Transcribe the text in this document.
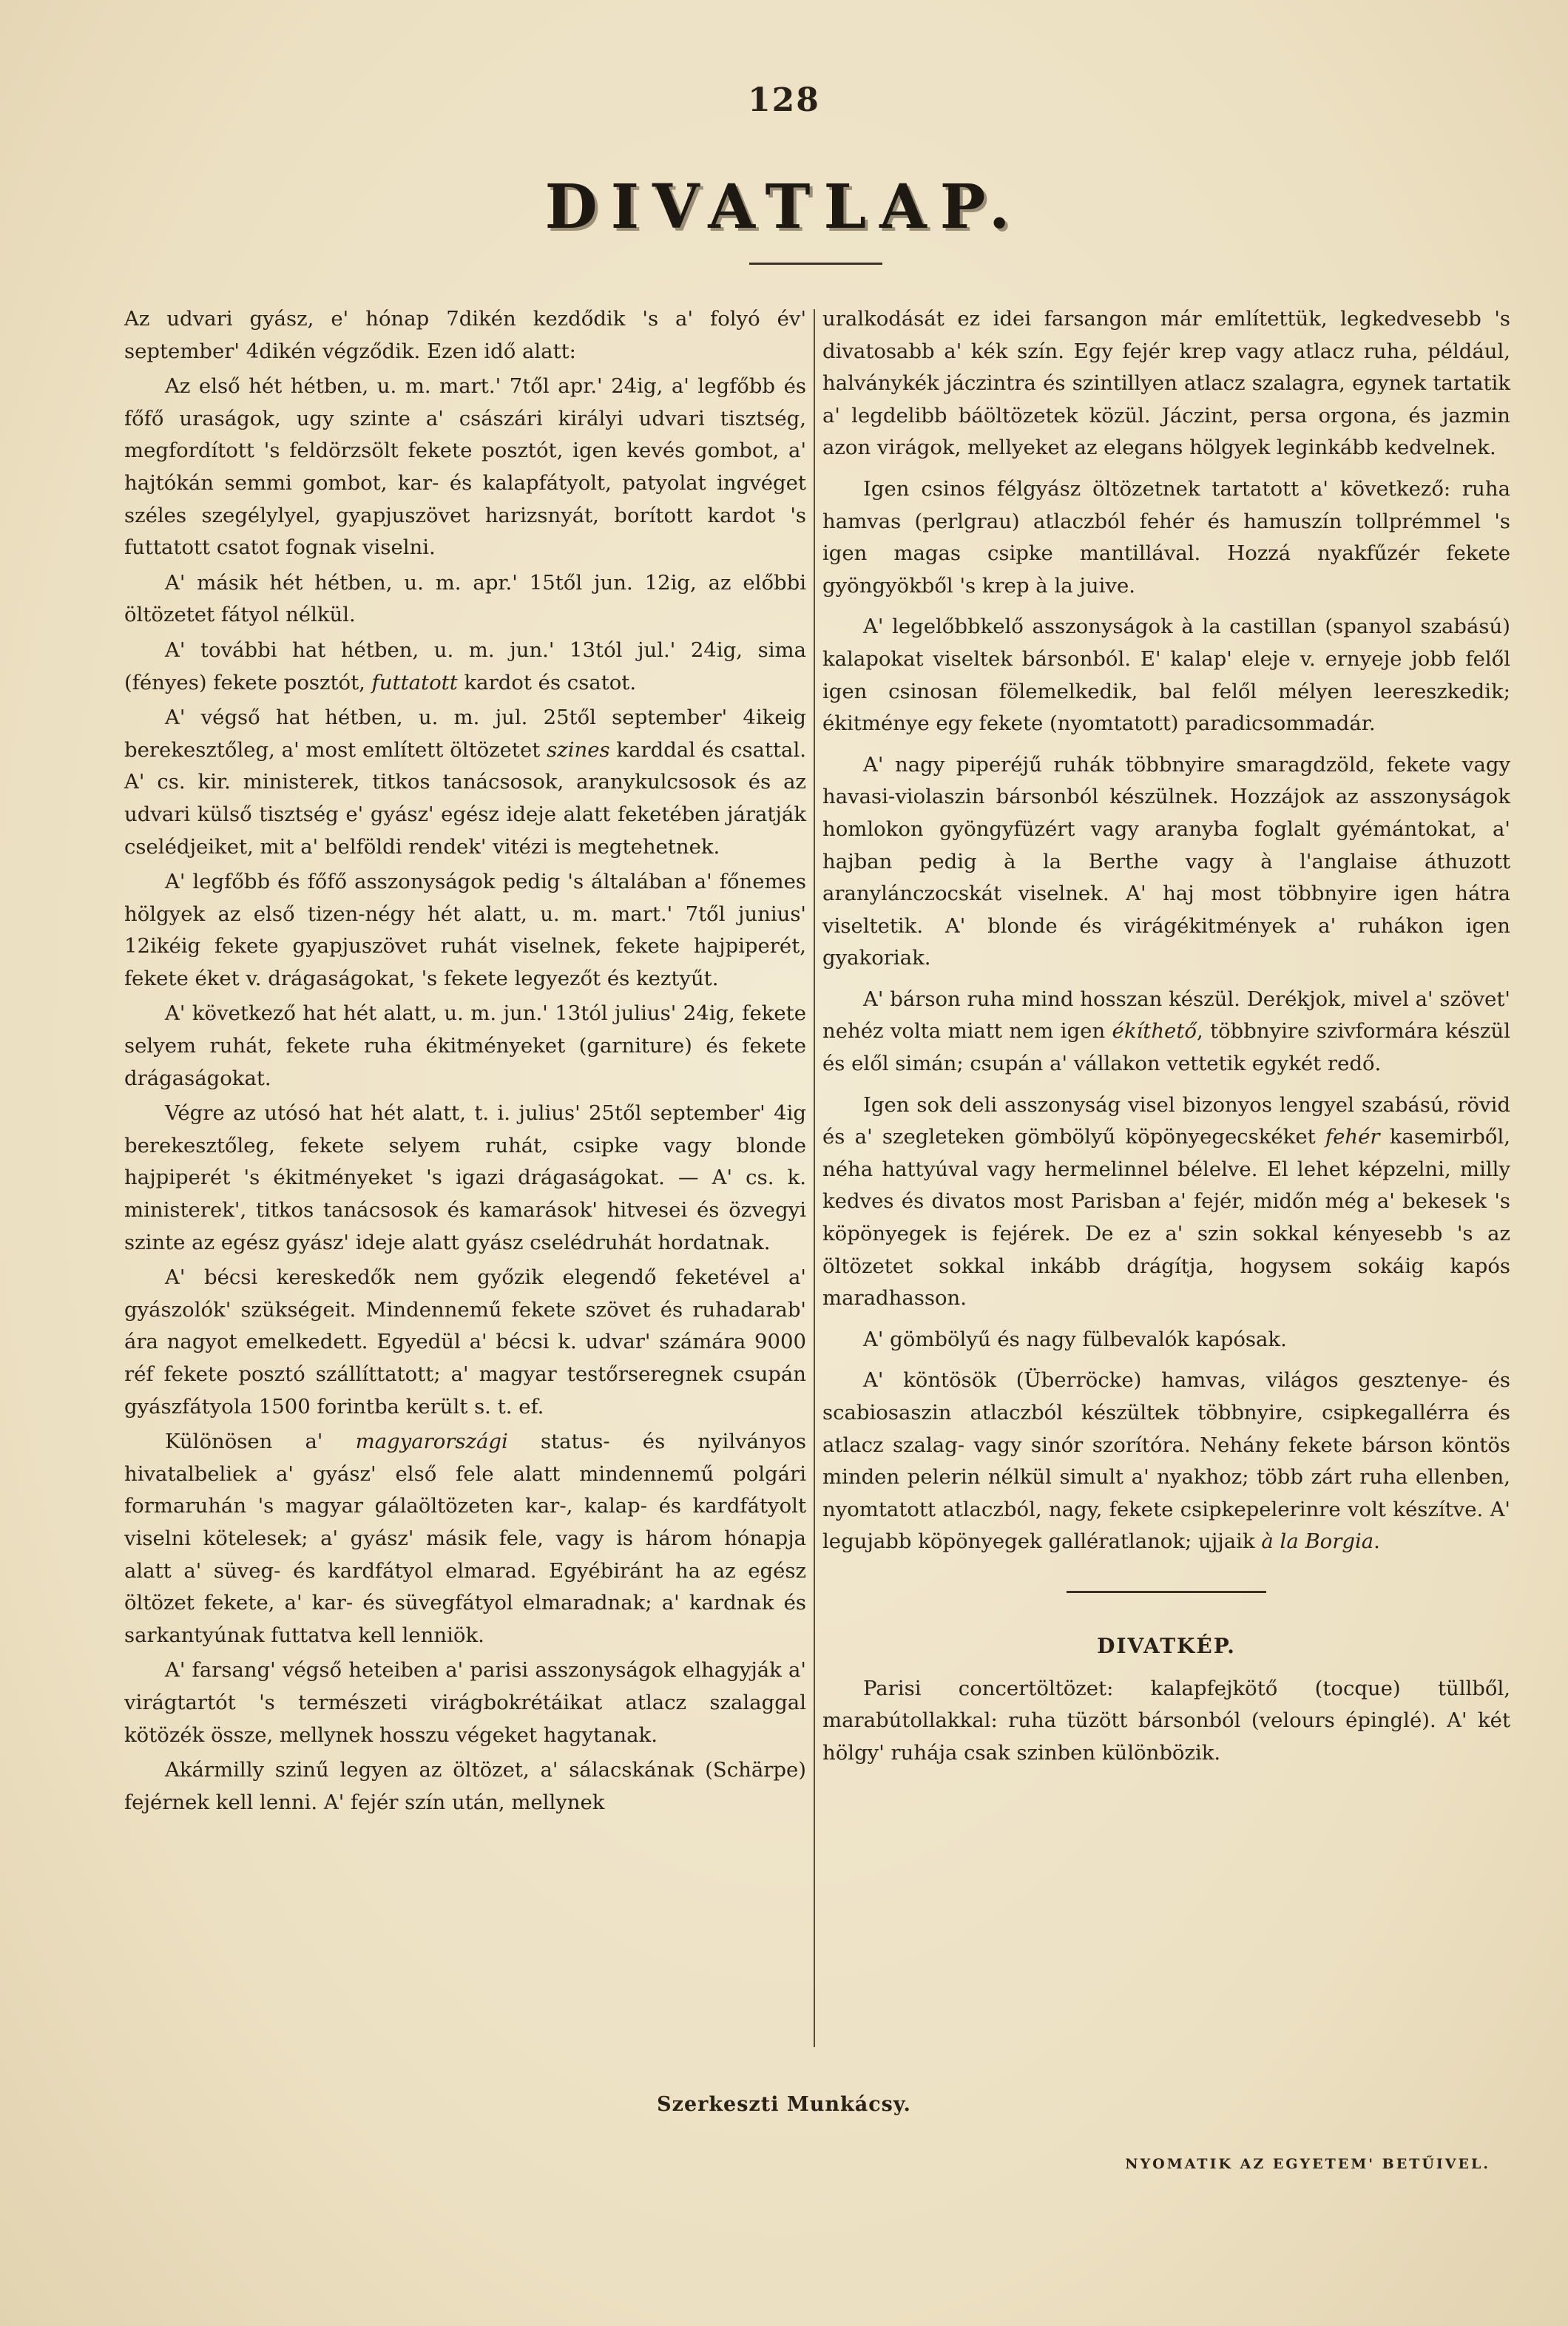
128
DIVATLAP.

Az udvari gyász, e' hónap 7dikén kezdődik 's a' folyó év' september' 4dikén végződik. Ezen idő alatt:

Az első hét hétben, u. m. mart.' 7től apr.' 24ig, a' legfőbb és főfő uraságok, ugy szinte a' császári királyi udvari tisztség, megfordított 's feldörzsölt fekete posztót, igen kevés gombot, a' hajtókán semmi gombot, kar- és kalapfátyolt, patyolat ingvéget széles szegélylyel, gyapjuszövet harizsnyát, borított kardot 's futtatott csatot fognak viselni.

A' másik hét hétben, u. m. apr.' 15től jun. 12ig, az előbbi öltözetet fátyol nélkül.

A' további hat hétben, u. m. jun.' 13tól jul.' 24ig, sima (fényes) fekete posztót, futtatott kardot és csatot.

A' végső hat hétben, u. m. jul. 25től september' 4ikeig berekesztőleg, a' most említett öltözetet szines karddal és csattal. A' cs. kir. ministerek, titkos tanácsosok, aranykulcsosok és az udvari külső tisztség e' gyász' egész ideje alatt feketében járatják cselédjeiket, mit a' belföldi rendek' vitézi is megtehetnek.

A' legfőbb és főfő asszonyságok pedig 's általában a' főnemes hölgyek az első tizen-négy hét alatt, u. m. mart.' 7től junius' 12ikéig fekete gyapjuszövet ruhát viselnek, fekete hajpiperét, fekete éket v. drágaságokat, 's fekete legyezőt és keztyűt.

A' következő hat hét alatt, u. m. jun.' 13tól julius' 24ig, fekete selyem ruhát, fekete ruha ékitményeket (garniture) és fekete drágaságokat.

Végre az utósó hat hét alatt, t. i. julius' 25től september' 4ig berekesztőleg, fekete selyem ruhát, csipke vagy blonde hajpiperét 's ékitményeket 's igazi drágaságokat. — A' cs. k. ministerek', titkos tanácsosok és kamarások' hitvesei és özvegyi szinte az egész gyász' ideje alatt gyász cselédruhát hordatnak.

A' bécsi kereskedők nem győzik elegendő feketével a' gyászolók' szükségeit. Mindennemű fekete szövet és ruhadarab' ára nagyot emelkedett. Egyedül a' bécsi k. udvar' számára 9000 réf fekete posztó szállíttatott; a' magyar testőrseregnek csupán gyászfátyola 1500 forintba került s. t. ef.

Különösen a' magyarországi status- és nyilványos hivatalbeliek a' gyász' első fele alatt mindennemű polgári formaruhán 's magyar gálaöltözeten kar-, kalap- és kardfátyolt viselni kötelesek; a' gyász' másik fele, vagy is három hónapja alatt a' süveg- és kardfátyol elmarad. Egyébiránt ha az egész öltözet fekete, a' kar- és süvegfátyol elmaradnak; a' kardnak és sarkantyúnak futtatva kell lenniök.

A' farsang' végső heteiben a' parisi asszonyságok elhagyják a' virágtartót 's természeti virágbokrétáikat atlacz szalaggal kötözék össze, mellynek hosszu végeket hagytanak.

Akármilly szinű legyen az öltözet, a' sálacskának (Schärpe) fejérnek kell lenni. A' fejér szín után, mellynek

uralkodását ez idei farsangon már említettük, legkedvesebb 's divatosabb a' kék szín. Egy fejér krep vagy atlacz ruha, például, halványkék jáczintra és szintillyen atlacz szalagra, egynek tartatik a' legdelibb báöltözetek közül. Jáczint, persa orgona, és jazmin azon virágok, mellyeket az elegans hölgyek leginkább kedvelnek.

Igen csinos félgyász öltözetnek tartatott a' következő: ruha hamvas (perlgrau) atlaczból fehér és hamuszín tollprémmel 's igen magas csipke mantillával. Hozzá nyakfűzér fekete gyöngyökből 's krep à la juive.

A' legelőbbkelő asszonyságok à la castillan (spanyol szabású) kalapokat viseltek bársonból. E' kalap' eleje v. ernyeje jobb felől igen csinosan fölemelkedik, bal felől mélyen leereszkedik; ékitménye egy fekete (nyomtatott) paradicsommadár.

A' nagy piperéjű ruhák többnyire smaragdzöld, fekete vagy havasi-violaszin bársonból készülnek. Hozzájok az asszonyságok homlokon gyöngyfüzért vagy aranyba foglalt gyémántokat, a' hajban pedig à la Berthe vagy à l'anglaise áthuzott aranylánczocskát viselnek. A' haj most többnyire igen hátra viseltetik. A' blonde és virágékitmények a' ruhákon igen gyakoriak.

A' bárson ruha mind hosszan készül. Derékjok, mivel a' szövet' nehéz volta miatt nem igen ékíthető, többnyire szivformára készül és elől simán; csupán a' vállakon vettetik egykét redő.

Igen sok deli asszonyság visel bizonyos lengyel szabású, rövid és a' szegleteken gömbölyű köpönyegecskéket fehér kasemirből, néha hattyúval vagy hermelinnel bélelve. El lehet képzelni, milly kedves és divatos most Parisban a' fejér, midőn még a' bekesek 's köpönyegek is fejérek. De ez a' szin sokkal kényesebb 's az öltözetet sokkal inkább drágítja, hogysem sokáig kapós maradhasson.

A' gömbölyű és nagy fülbevalók kapósak.

A' köntösök (Überröcke) hamvas, világos gesztenye- és scabiosaszin atlaczból készültek többnyire, csipkegallérra és atlacz szalag- vagy sinór szorítóra. Nehány fekete bárson köntös minden pelerin nélkül simult a' nyakhoz; több zárt ruha ellenben, nyomtatott atlaczból, nagy, fekete csipkepelerinre volt készítve. A' legujabb köpönyegek gallératlanok; ujjaik à la Borgia.

DIVATKÉP.

Parisi concertöltözet: kalapfejkötő (tocque) tüllből, marabútollakkal: ruha tüzött bársonból (velours épinglé). A' két hölgy' ruhája csak szinben különbözik.

Szerkeszti Munkácsy.
NYOMATIK AZ EGYETEM' BETŰIVEL.
